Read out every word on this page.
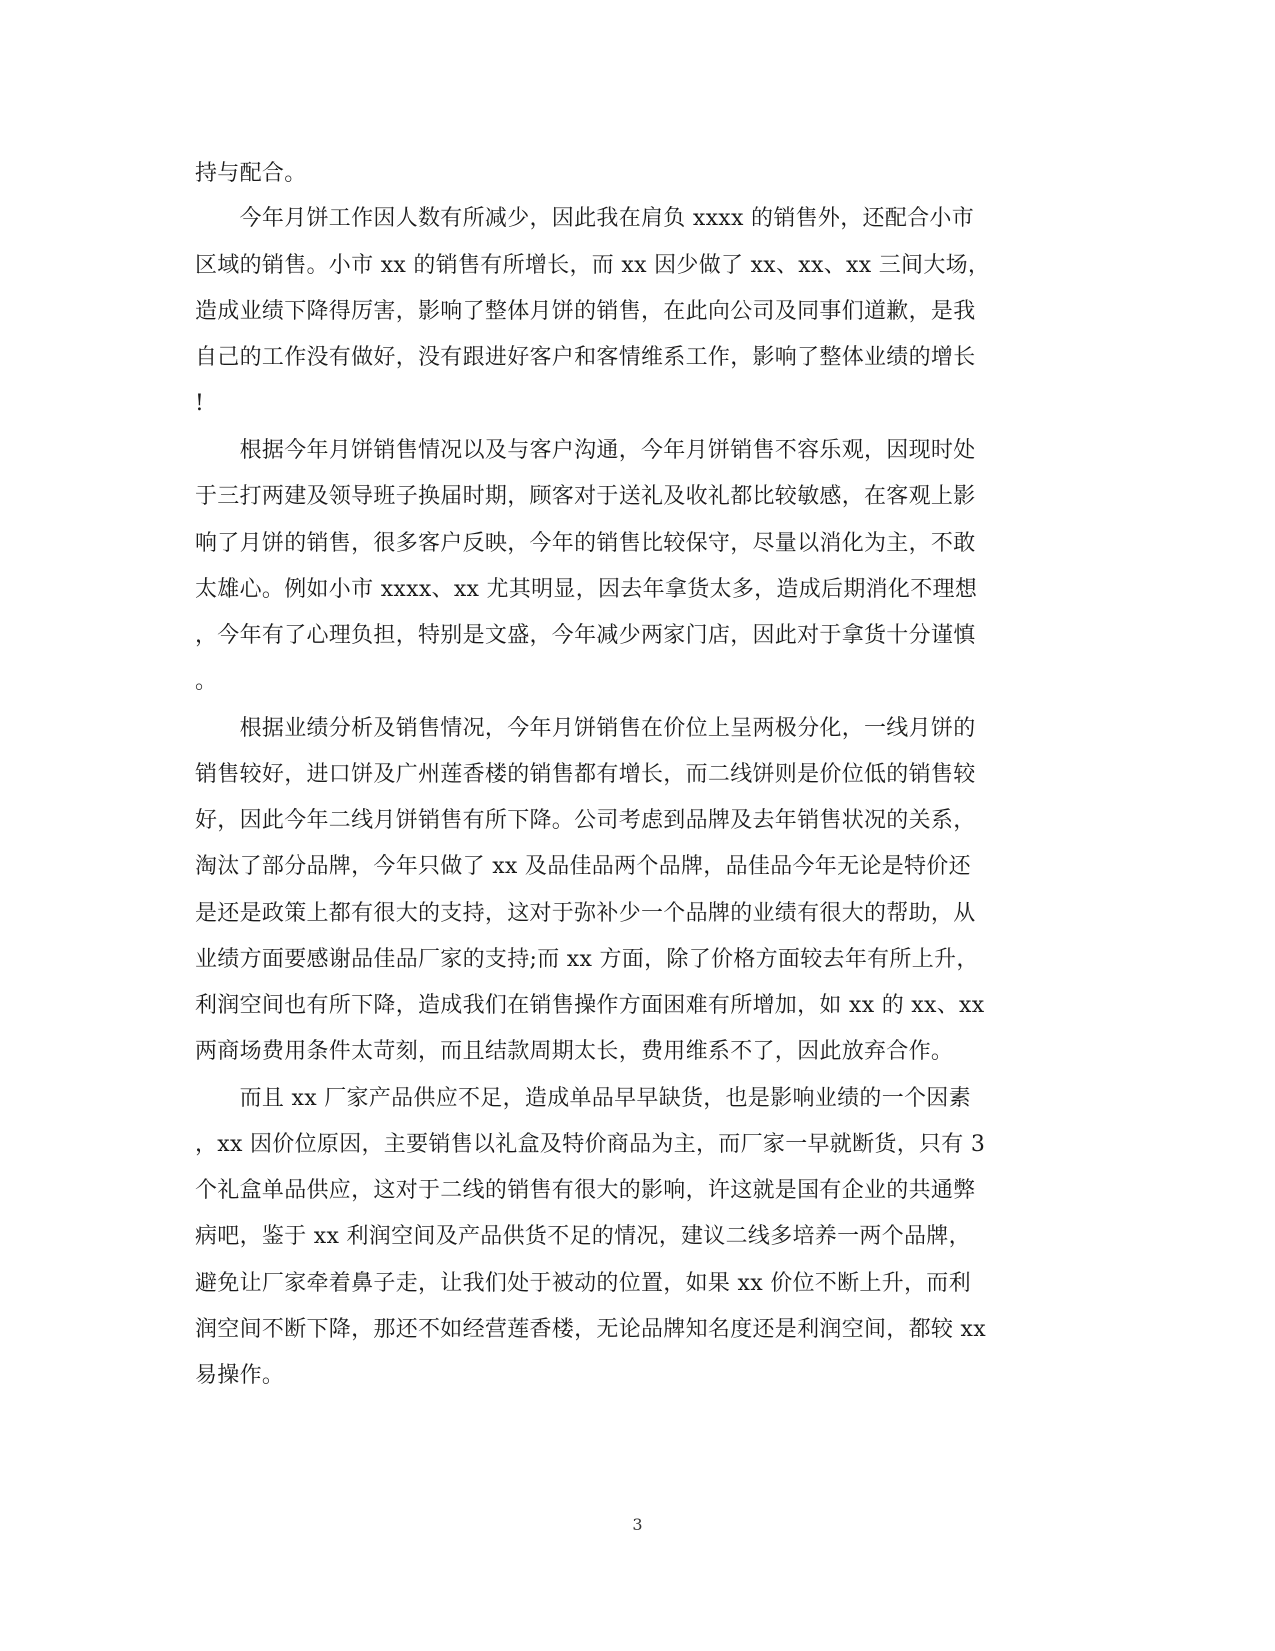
持与配合。
　　今年月饼工作因人数有所减少，因此我在肩负 xxxx 的销售外，还配合小市
区域的销售。小市 xx 的销售有所增长，而 xx 因少做了 xx、xx、xx 三间大场，
造成业绩下降得厉害，影响了整体月饼的销售，在此向公司及同事们道歉，是我
自己的工作没有做好，没有跟进好客户和客情维系工作，影响了整体业绩的增长
!
　　根据今年月饼销售情况以及与客户沟通，今年月饼销售不容乐观，因现时处
于三打两建及领导班子换届时期，顾客对于送礼及收礼都比较敏感，在客观上影
响了月饼的销售，很多客户反映，今年的销售比较保守，尽量以消化为主，不敢
太雄心。例如小市 xxxx、xx 尤其明显，因去年拿货太多，造成后期消化不理想
，今年有了心理负担，特别是文盛，今年减少两家门店，因此对于拿货十分谨慎
。
　　根据业绩分析及销售情况，今年月饼销售在价位上呈两极分化，一线月饼的
销售较好，进口饼及广州莲香楼的销售都有增长，而二线饼则是价位低的销售较
好，因此今年二线月饼销售有所下降。公司考虑到品牌及去年销售状况的关系，
淘汰了部分品牌，今年只做了 xx 及品佳品两个品牌，品佳品今年无论是特价还
是还是政策上都有很大的支持，这对于弥补少一个品牌的业绩有很大的帮助，从
业绩方面要感谢品佳品厂家的支持;而 xx 方面，除了价格方面较去年有所上升，
利润空间也有所下降，造成我们在销售操作方面困难有所增加，如 xx 的 xx、xx
两商场费用条件太苛刻，而且结款周期太长，费用维系不了，因此放弃合作。
　　而且 xx 厂家产品供应不足，造成单品早早缺货，也是影响业绩的一个因素
，xx 因价位原因，主要销售以礼盒及特价商品为主，而厂家一早就断货，只有 3
个礼盒单品供应，这对于二线的销售有很大的影响，许这就是国有企业的共通弊
病吧，鉴于 xx 利润空间及产品供货不足的情况，建议二线多培养一两个品牌，
避免让厂家牵着鼻子走，让我们处于被动的位置，如果 xx 价位不断上升，而利
润空间不断下降，那还不如经营莲香楼，无论品牌知名度还是利润空间，都较 xx
易操作。
3
